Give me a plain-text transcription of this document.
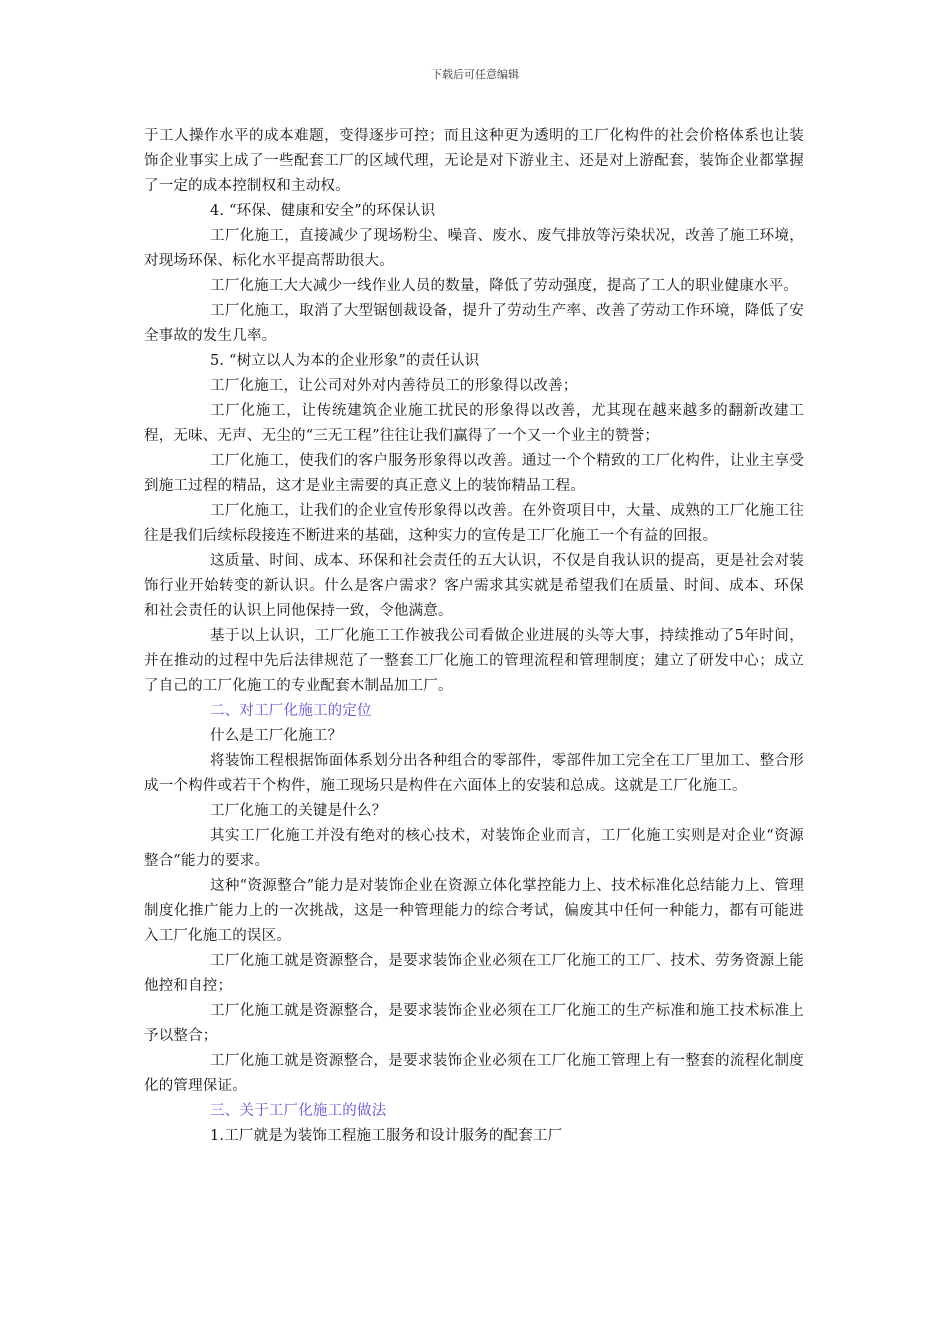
下载后可任意编辑

于工人操作水平的成本难题，变得逐步可控；而且这种更为透明的工厂化构件的社会价格体系也让装饰企业事实上成了一些配套工厂的区域代理，无论是对下游业主、还是对上游配套，装饰企业都掌握了一定的成本控制权和主动权。

4. “环保、健康和安全”的环保认识

工厂化施工，直接减少了现场粉尘、噪音、废水、废气排放等污染状况，改善了施工环境，对现场环保、标化水平提高帮助很大。

工厂化施工大大减少一线作业人员的数量，降低了劳动强度，提高了工人的职业健康水平。

工厂化施工，取消了大型锯刨裁设备，提升了劳动生产率、改善了劳动工作环境，降低了安全事故的发生几率。

5. “树立以人为本的企业形象”的责任认识

工厂化施工，让公司对外对内善待员工的形象得以改善；

工厂化施工，让传统建筑企业施工扰民的形象得以改善，尤其现在越来越多的翻新改建工程，无味、无声、无尘的“三无工程”往往让我们赢得了一个又一个业主的赞誉；

工厂化施工，使我们的客户服务形象得以改善。通过一个个精致的工厂化构件，让业主享受到施工过程的精品，这才是业主需要的真正意义上的装饰精品工程。

工厂化施工，让我们的企业宣传形象得以改善。在外资项目中，大量、成熟的工厂化施工往往是我们后续标段接连不断进来的基础，这种实力的宣传是工厂化施工一个有益的回报。

这质量、时间、成本、环保和社会责任的五大认识，不仅是自我认识的提高，更是社会对装饰行业开始转变的新认识。什么是客户需求？客户需求其实就是希望我们在质量、时间、成本、环保和社会责任的认识上同他保持一致，令他满意。

基于以上认识，工厂化施工工作被我公司看做企业进展的头等大事，持续推动了5年时间，并在推动的过程中先后法律规范了一整套工厂化施工的管理流程和管理制度；建立了研发中心；成立了自己的工厂化施工的专业配套木制品加工厂。

二、对工厂化施工的定位

什么是工厂化施工？

将装饰工程根据饰面体系划分出各种组合的零部件，零部件加工完全在工厂里加工、整合形成一个构件或若干个构件，施工现场只是构件在六面体上的安装和总成。这就是工厂化施工。

工厂化施工的关键是什么？

其实工厂化施工并没有绝对的核心技术，对装饰企业而言，工厂化施工实则是对企业“资源整合”能力的要求。

这种“资源整合”能力是对装饰企业在资源立体化掌控能力上、技术标准化总结能力上、管理制度化推广能力上的一次挑战，这是一种管理能力的综合考试，偏废其中任何一种能力，都有可能进入工厂化施工的误区。

工厂化施工就是资源整合，是要求装饰企业必须在工厂化施工的工厂、技术、劳务资源上能他控和自控；

工厂化施工就是资源整合，是要求装饰企业必须在工厂化施工的生产标准和施工技术标准上予以整合；

工厂化施工就是资源整合，是要求装饰企业必须在工厂化施工管理上有一整套的流程化制度化的管理保证。

三、关于工厂化施工的做法

1.工厂就是为装饰工程施工服务和设计服务的配套工厂
